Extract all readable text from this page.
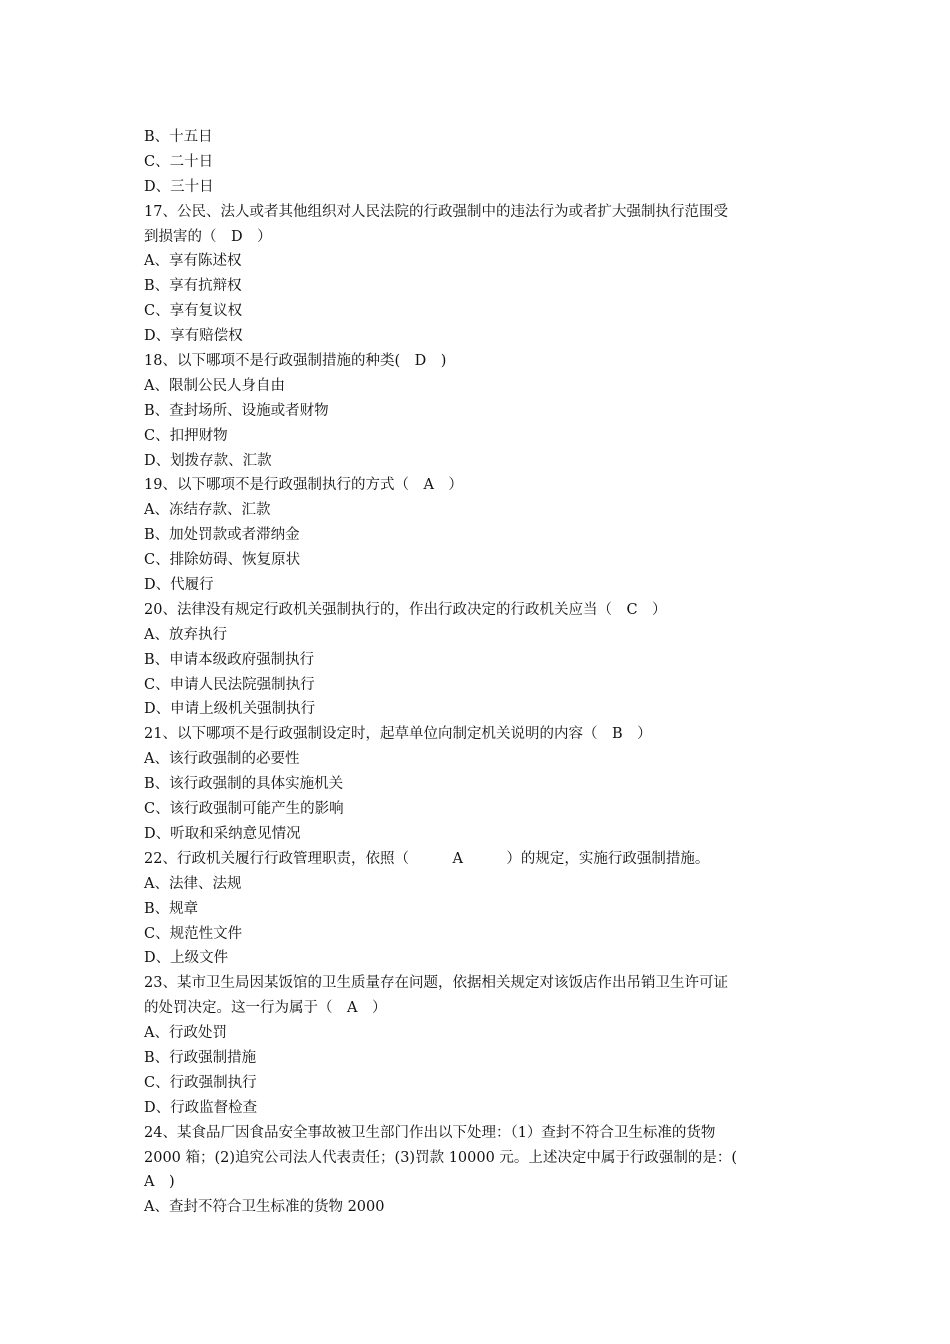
B、十五日
C、二十日
D、三十日
17、公民、法人或者其他组织对人民法院的行政强制中的违法行为或者扩大强制执行范围受
到损害的（　D　）
A、享有陈述权
B、享有抗辩权
C、享有复议权
D、享有赔偿权
18、以下哪项不是行政强制措施的种类(　D　)
A、限制公民人身自由
B、查封场所、设施或者财物
C、扣押财物
D、划拨存款、汇款
19、以下哪项不是行政强制执行的方式（　A　）
A、冻结存款、汇款
B、加处罚款或者滞纳金
C、排除妨碍、恢复原状
D、代履行
20、法律没有规定行政机关强制执行的，作出行政决定的行政机关应当（　C　）
A、放弃执行
B、申请本级政府强制执行
C、申请人民法院强制执行
D、申请上级机关强制执行
21、以下哪项不是行政强制设定时，起草单位向制定机关说明的内容（　B　）
A、该行政强制的必要性
B、该行政强制的具体实施机关
C、该行政强制可能产生的影响
D、听取和采纳意见情况
22、行政机关履行行政管理职责，依照（　　　A　　　）的规定，实施行政强制措施。
A、法律、法规
B、规章
C、规范性文件
D、上级文件
23、某市卫生局因某饭馆的卫生质量存在问题，依据相关规定对该饭店作出吊销卫生许可证
的处罚决定。这一行为属于（　A　）
A、行政处罚
B、行政强制措施
C、行政强制执行
D、行政监督检查
24、某食品厂因食品安全事故被卫生部门作出以下处理：（1）查封不符合卫生标准的货物
2000 箱；(2)追究公司法人代表责任；(3)罚款 10000 元。上述决定中属于行政强制的是：(
A　)
A、查封不符合卫生标准的货物 2000
